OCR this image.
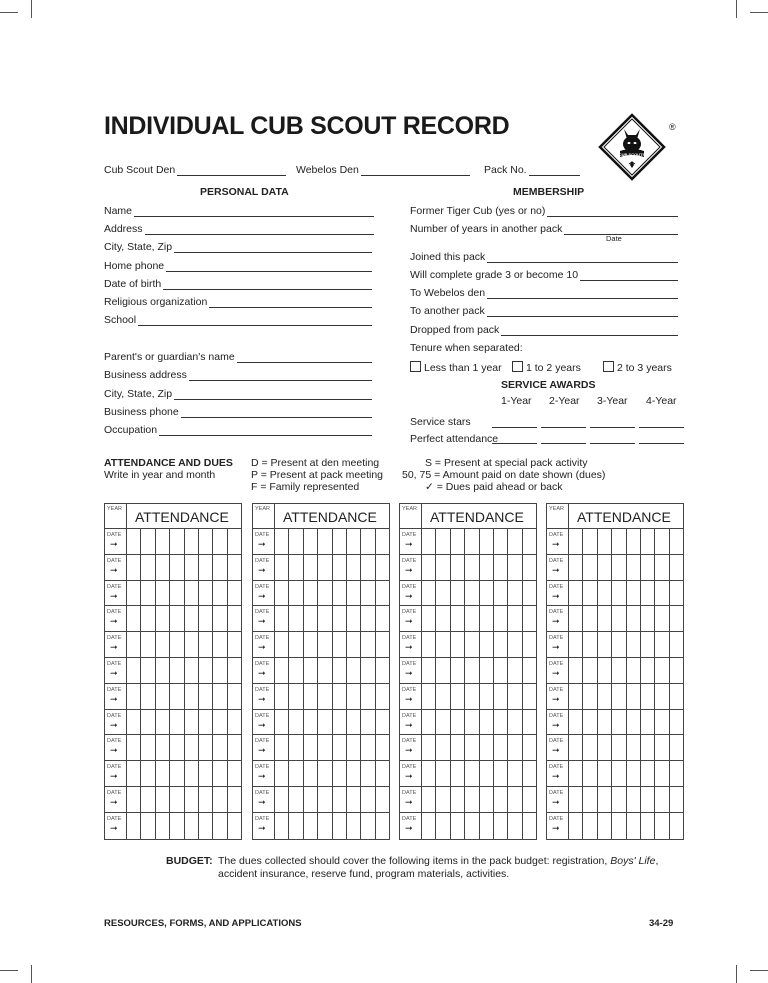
INDIVIDUAL CUB SCOUT RECORD
CUB SCOUTS
®
Cub Scout Den	Webelos Den	Pack No.
PERSONAL DATA	MEMBERSHIP
Name
Address
City, State, Zip
Home phone
Date of birth
Religious organization
School
Parent's or guardian's name
Business address
City, State, Zip
Business phone
Occupation
Former Tiger Cub (yes or no)
Number of years in another pack
Date
Joined this pack
Will complete grade 3 or become 10
To Webelos den
To another pack
Dropped from pack
Tenure when separated:
Less than 1 year	1 to 2 years	2 to 3 years
SERVICE AWARDS
1-Year 2-Year 3-Year 4-Year
Service stars
Perfect attendance
ATTENDANCE AND DUES
Write in year and month
D = Present at den meeting
P = Present at pack meeting
F = Family represented
S = Present at special pack activity
50, 75 = Amount paid on date shown (dues)
✓ = Dues paid ahead or back
YEAR ATTENDANCE
DATE
➞
DATE
➞
DATE
➞
DATE
➞
DATE
➞
DATE
➞
DATE
➞
DATE
➞
DATE
➞
DATE
➞
DATE
➞
DATE
➞
YEAR ATTENDANCE
DATE
➞
DATE
➞
DATE
➞
DATE
➞
DATE
➞
DATE
➞
DATE
➞
DATE
➞
DATE
➞
DATE
➞
DATE
➞
DATE
➞
YEAR ATTENDANCE
DATE
➞
DATE
➞
DATE
➞
DATE
➞
DATE
➞
DATE
➞
DATE
➞
DATE
➞
DATE
➞
DATE
➞
DATE
➞
DATE
➞
YEAR ATTENDANCE
DATE
➞
DATE
➞
DATE
➞
DATE
➞
DATE
➞
DATE
➞
DATE
➞
DATE
➞
DATE
➞
DATE
➞
DATE
➞
DATE
➞
BUDGET: The dues collected should cover the following items in the pack budget: registration, Boys' Life,
accident insurance, reserve fund, program materials, activities.
RESOURCES, FORMS, AND APPLICATIONS	34-29
